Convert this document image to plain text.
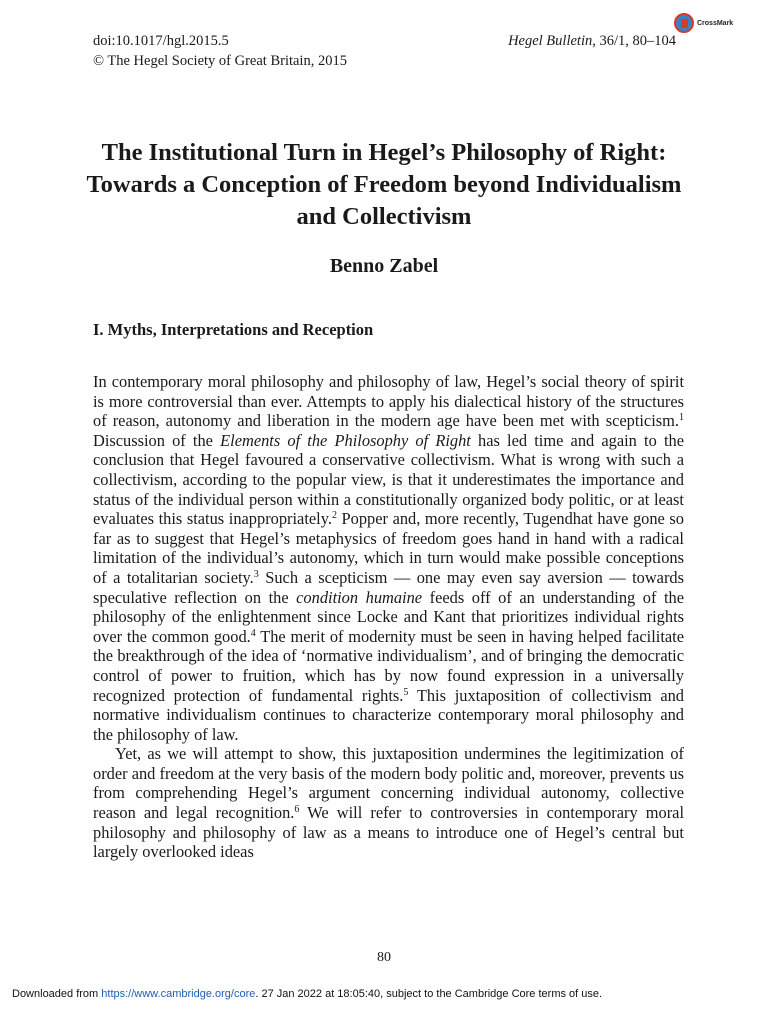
doi:10.1017/hgl.2015.5
© The Hegel Society of Great Britain, 2015
Hegel Bulletin, 36/1, 80–104
CrossMark
The Institutional Turn in Hegel’s Philosophy of Right: Towards a Conception of Freedom beyond Individualism and Collectivism
Benno Zabel
I. Myths, Interpretations and Reception

In contemporary moral philosophy and philosophy of law, Hegel’s social theory of spirit is more controversial than ever. Attempts to apply his dialectical history of the structures of reason, autonomy and liberation in the modern age have been met with scepticism.$^1$ Discussion of the Elements of the Philosophy of Right has led time and again to the conclusion that Hegel favoured a conservative collectivism. What is wrong with such a collectivism, according to the popular view, is that it underestimates the importance and status of the individual person within a constitutionally organized body politic, or at least evaluates this status inappropriately.$^2$ Popper and, more recently, Tugendhat have gone so far as to suggest that Hegel’s metaphysics of freedom goes hand in hand with a radical limitation of the individual’s autonomy, which in turn would make possible conceptions of a totalitarian society.$^3$ Such a scepticism — one may even say aversion — towards speculative reflection on the condition humaine feeds off of an understanding of the philosophy of the enlightenment since Locke and Kant that prioritizes individual rights over the common good.$^4$ The merit of modernity must be seen in having helped facilitate the breakthrough of the idea of ‘normative individualism’, and of bringing the democratic control of power to fruition, which has by now found expression in a universally recognized protection of fundamental rights.$^5$ This juxtaposition of collectivism and normative individualism continues to characterize contemporary moral philosophy and the philosophy of law.

Yet, as we will attempt to show, this juxtaposition undermines the legitimization of order and freedom at the very basis of the modern body politic and, moreover, prevents us from comprehending Hegel’s argument concerning individual autonomy, collective reason and legal recognition.$^6$ We will refer to controversies in contemporary moral philosophy and philosophy of law as a means to introduce one of Hegel’s central but largely overlooked ideas

80
Downloaded from https://www.cambridge.org/core. 27 Jan 2022 at 18:05:40, subject to the Cambridge Core terms of use.
